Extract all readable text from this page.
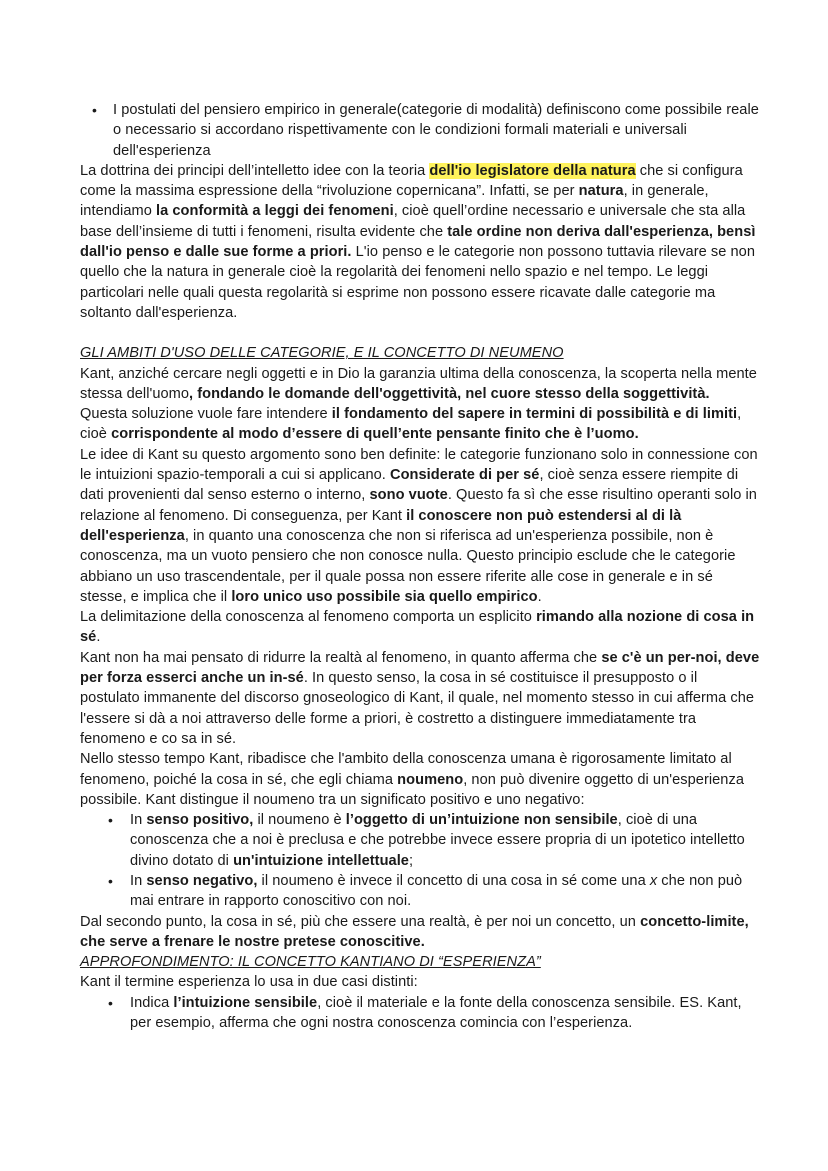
• I postulati del pensiero empirico in generale(categorie di modalità) definiscono come possibile reale o necessario si accordano rispettivamente con le condizioni formali materiali e universali dell'esperienza

La dottrina dei principi dell’intelletto idee con la teoria dell'io legislatore della natura che si configura come la massima espressione della “rivoluzione copernicana”. Infatti, se per natura, in generale, intendiamo la conformità a leggi dei fenomeni, cioè quell’ordine necessario e universale che sta alla base dell’insieme di tutti i fenomeni, risulta evidente che tale ordine non deriva dall'esperienza, bensì dall'io penso e dalle sue forme a priori. L'io penso e le categorie non possono tuttavia rilevare se non quello che la natura in generale cioè la regolarità dei fenomeni nello spazio e nel tempo. Le leggi particolari nelle quali questa regolarità si esprime non possono essere ricavate dalle categorie ma soltanto dall'esperienza.

GLI AMBITI D'USO DELLE CATEGORIE, E IL CONCETTO DI NEUMENO

Kant, anziché cercare negli oggetti e in Dio la garanzia ultima della conoscenza, la scoperta nella mente stessa dell'uomo, fondando le domande dell'oggettività, nel cuore stesso della soggettività. Questa soluzione vuole fare intendere il fondamento del sapere in termini di possibilità e di limiti, cioè corrispondente al modo d’essere di quell’ente pensante finito che è l’uomo.

Le idee di Kant su questo argomento sono ben definite: le categorie funzionano solo in connessione con le intuizioni spazio-temporali a cui si applicano. Considerate di per sé, cioè senza essere riempite di dati provenienti dal senso esterno o interno, sono vuote. Questo fa sì che esse risultino operanti solo in relazione al fenomeno. Di conseguenza, per Kant il conoscere non può estendersi al di là dell'esperienza, in quanto una conoscenza che non si riferisca ad un'esperienza possibile, non è conoscenza, ma un vuoto pensiero che non conosce nulla. Questo principio esclude che le categorie abbiano un uso trascendentale, per il quale possa non essere riferite alle cose in generale e in sé stesse, e implica che il loro unico uso possibile sia quello empirico.

La delimitazione della conoscenza al fenomeno comporta un esplicito rimando alla nozione di cosa in sé.

Kant non ha mai pensato di ridurre la realtà al fenomeno, in quanto afferma che se c'è un per-noi, deve per forza esserci anche un in-sé. In questo senso, la cosa in sé costituisce il presupposto o il postulato immanente del discorso gnoseologico di Kant, il quale, nel momento stesso in cui afferma che l'essere si dà a noi attraverso delle forme a priori, è costretto a distinguere immediatamente tra fenomeno e co sa in sé.

Nello stesso tempo Kant, ribadisce che l'ambito della conoscenza umana è rigorosamente limitato al fenomeno, poiché la cosa in sé, che egli chiama noumeno, non può divenire oggetto di un'esperienza possibile. Kant distingue il noumeno tra un significato positivo e uno negativo:

• In senso positivo, il noumeno è l’oggetto di un’intuizione non sensibile, cioè di una conoscenza che a noi è preclusa e che potrebbe invece essere propria di un ipotetico intelletto divino dotato di un'intuizione intellettuale;
• In senso negativo, il noumeno è invece il concetto di una cosa in sé come una x che non può mai entrare in rapporto conoscitivo con noi.

Dal secondo punto, la cosa in sé, più che essere una realtà, è per noi un concetto, un concetto-limite, che serve a frenare le nostre pretese conoscitive.

APPROFONDIMENTO: IL CONCETTO KANTIANO DI “ESPERIENZA”

Kant il termine esperienza lo usa in due casi distinti:

• Indica l’intuizione sensibile, cioè il materiale e la fonte della conoscenza sensibile. ES. Kant, per esempio, afferma che ogni nostra conoscenza comincia con l’esperienza.
